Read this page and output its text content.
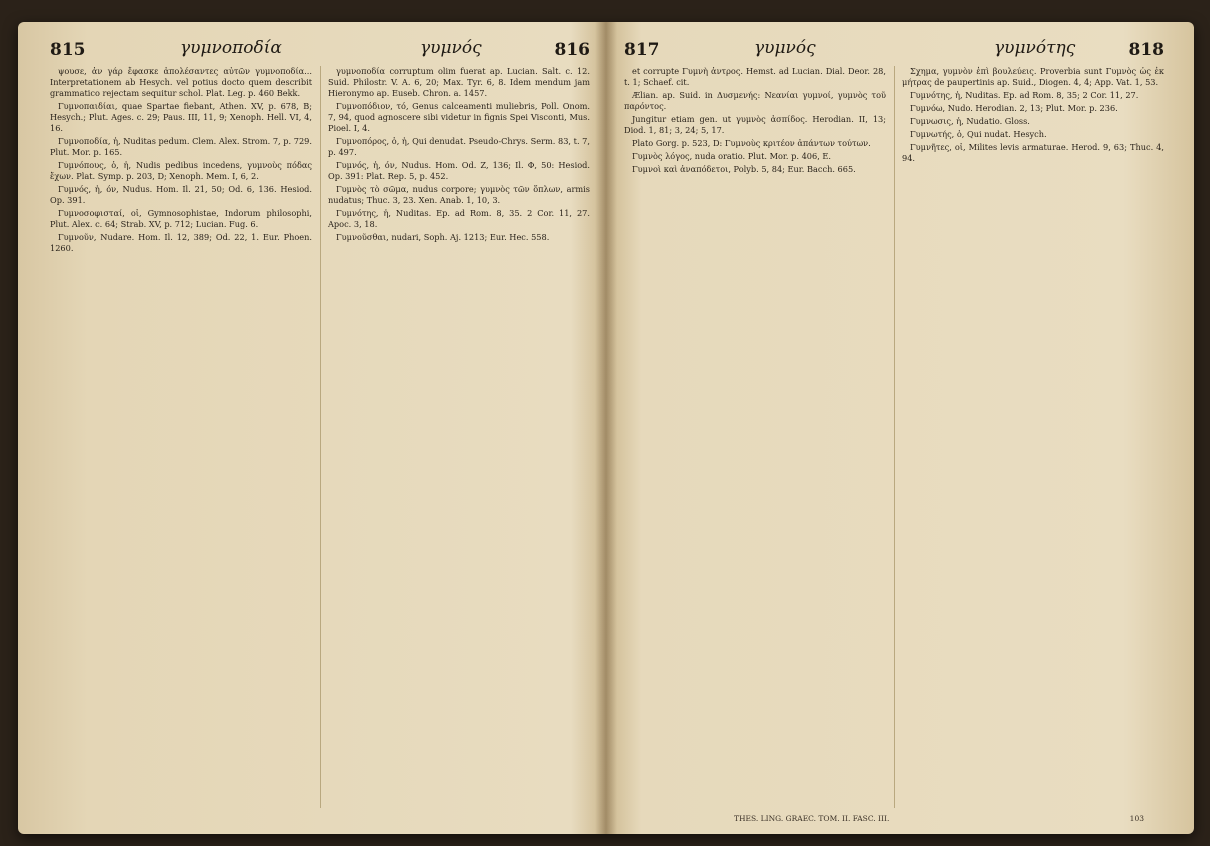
815	γυμνοποδία	γυμνός	816

ψουσε, ἀν γάρ ἔφασκε ἀπολέσαντες αὐτῶν γυμνοποδία... Interpretationem ab Hesych. vel potius docto quem describit grammatico rejectam sequitur schol. Plat. Leg. p. 460 Bekk.

Γυμνοπαιδίαι, quae Spartae fiebant, Athen. XV, p. 678, B; Hesych.; Plut. Ages. c. 29; Paus. III, 11, 9; Xenoph. Hell. VI, 4, 16.

Γυμνοποδία, ἡ, Nuditas pedum. Clem. Alex. Strom. 7, p. 729. Plut. Mor. p. 165.

Γυμνόπους, ὁ, ἡ, Nudis pedibus incedens, γυμνοὺς πόδας ἔχων. Plat. Symp. p. 203, D; Xenoph. Mem. I, 6, 2.

Γυμνός, ἡ, όν, Nudus. Hom. Il. 21, 50; Od. 6, 136. Hesiod. Op. 391.

Γυμνοσοφισταί, οἱ, Gymnosophistae, Indorum philosophi, Plut. Alex. c. 64; Strab. XV, p. 712; Lucian. Fug. 6.

Γυμνοῦν, Nudare. Hom. Il. 12, 389; Od. 22, 1. Eur. Phoen. 1260.

γυμνοποδία corruptum olim fuerat ap. Lucian. Salt. c. 12. Suid. Philostr. V. A. 6, 20; Max. Tyr. 6, 8. Idem mendum jam Hieronymo ap. Euseb. Chron. a. 1457.

Γυμνοπόδιον, τό, Genus calceamenti muliebris, Poll. Onom. 7, 94, quod agnoscere sibi videtur in fignis Spei Visconti, Mus. Pioel. I, 4.

Γυμνοπόρος, ὁ, ἡ, Qui denudat. Pseudo-Chrys. Serm. 83, t. 7, p. 497.

Γυμνός, ἡ, όν, Nudus. Hom. Od. Z, 136; Il. Φ, 50: Hesiod. Op. 391: Plat. Rep. 5, p. 452.

Γυμνὸς τὸ σῶμα, nudus corpore; γυμνὸς τῶν ὅπλων, armis nudatus; Thuc. 3, 23. Xen. Anab. 1, 10, 3.

Γυμνότης, ἡ, Nuditas. Ep. ad Rom. 8, 35. 2 Cor. 11, 27. Apoc. 3, 18.

Γυμνοῦσθαι, nudari, Soph. Aj. 1213; Eur. Hec. 558.

817	γυμνός	γυμνότης	818

et corrupte Γυμνὴ ἀντρος. Hemst. ad Lucian. Dial. Deor. 28, t. 1; Schaef. cit.

Ælian. ap. Suid. in Δυσμενής: Νεανίαι γυμνοί, γυμνὸς τοῦ παρόντος.

Jungitur etiam gen. ut γυμνὸς ἀσπίδος. Herodian. II, 13; Diod. 1, 81; 3, 24; 5, 17.

Plato Gorg. p. 523, D: Γυμνοὺς κριτέον ἀπάντων τούτων.

Γυμνὸς λόγος, nuda oratio. Plut. Mor. p. 406, E.

Γυμνοὶ καὶ ἀναπόδετοι, Polyb. 5, 84; Eur. Bacch. 665.

Σχημα, γυμνὸν ἐπὶ βουλεύεις. Proverbia sunt Γυμνὸς ὡς ἐκ μήτρας de paupertinis ap. Suid., Diogen. 4, 4; App. Vat. 1, 53.

Γυμνότης, ἡ, Nuditas. Ep. ad Rom. 8, 35; 2 Cor. 11, 27.

Γυμνόω, Nudo. Herodian. 2, 13; Plut. Mor. p. 236.

Γυμνωσις, ἡ, Nudatio. Gloss.

Γυμνωτής, ὁ, Qui nudat. Hesych.

Γυμνῆτες, οἱ, Milites levis armaturae. Herod. 9, 63; Thuc. 4, 94.

THES. LING. GRAEC. TOM. II. FASC. III.	103
